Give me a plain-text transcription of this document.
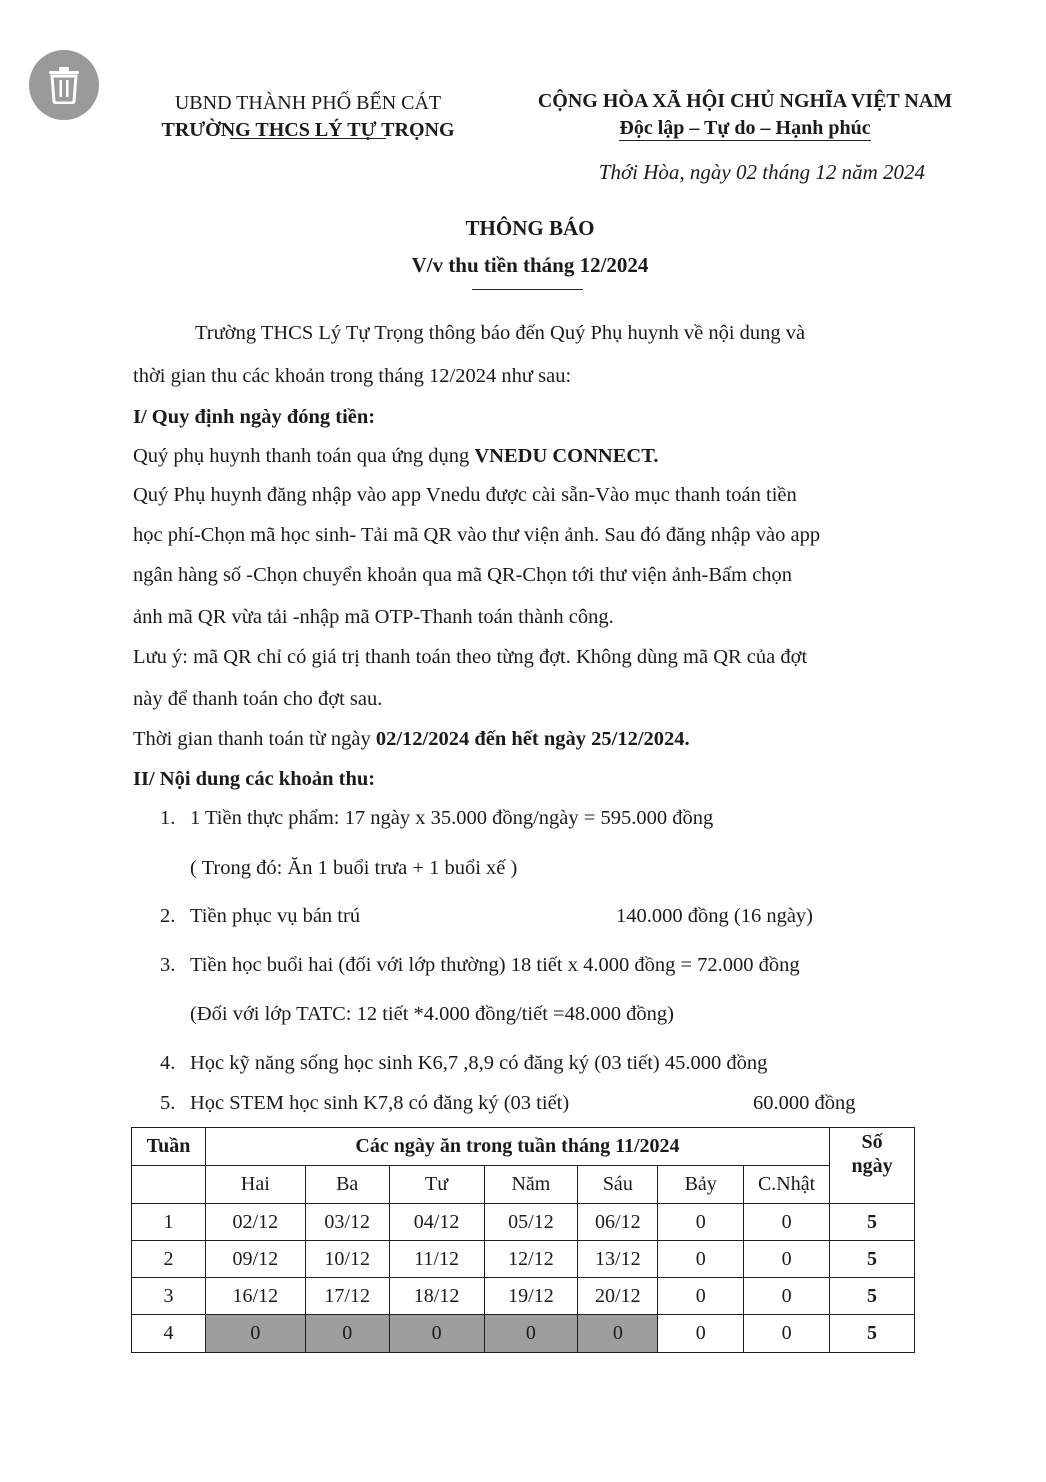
UBND THÀNH PHỐ BẾN CÁT
TRƯỜNG THCS LÝ TỰ TRỌNG
CỘNG HÒA XÃ HỘI CHỦ NGHĨA VIỆT NAM
Độc lập – Tự do – Hạnh phúc
Thới Hòa, ngày 02 tháng 12 năm 2024
THÔNG BÁO
V/v thu tiền tháng 12/2024
Trường THCS Lý Tự Trọng thông báo đến Quý Phụ huynh về nội dung và
thời gian thu các khoản trong tháng 12/2024 như sau:
I/ Quy định ngày đóng tiền:
Quý phụ huynh thanh toán qua ứng dụng VNEDU CONNECT.
Quý Phụ huynh đăng nhập vào app Vnedu được cài sẵn-Vào mục thanh toán tiền
học phí-Chọn mã học sinh- Tải mã QR vào thư viện ảnh. Sau đó đăng nhập vào app
ngân hàng số -Chọn chuyển khoản qua mã QR-Chọn tới thư viện ảnh-Bấm chọn
ảnh mã QR vừa tải -nhập mã OTP-Thanh toán thành công.
Lưu ý: mã QR chỉ có giá trị thanh toán theo từng đợt. Không dùng mã QR của đợt
này để thanh toán cho đợt sau.
Thời gian thanh toán từ ngày 02/12/2024 đến hết ngày 25/12/2024.
II/ Nội dung các khoản thu:
1. 1 Tiền thực phẩm: 17 ngày x 35.000 đồng/ngày = 595.000 đồng
( Trong đó: Ăn 1 buổi trưa + 1 buổi xế )
2. Tiền phục vụ bán trú	140.000 đồng (16 ngày)
3. Tiền học buổi hai (đối với lớp thường) 18 tiết x 4.000 đồng = 72.000 đồng
(Đối với lớp TATC: 12 tiết *4.000 đồng/tiết =48.000 đồng)
4. Học kỹ năng sống học sinh K6,7 ,8,9 có đăng ký (03 tiết) 45.000 đồng
5. Học STEM học sinh K7,8 có đăng ký (03 tiết)	60.000 đồng
Tuần	Các ngày ăn trong tuần tháng 11/2024							Số
ngày
	Hai	Ba	Tư	Năm	Sáu	Bảy	C.Nhật	
1	02/12	03/12	04/12	05/12	06/12	0	0	5
2	09/12	10/12	11/12	12/12	13/12	0	0	5
3	16/12	17/12	18/12	19/12	20/12	0	0	5
4	0	0	0	0	0	0	0	5
